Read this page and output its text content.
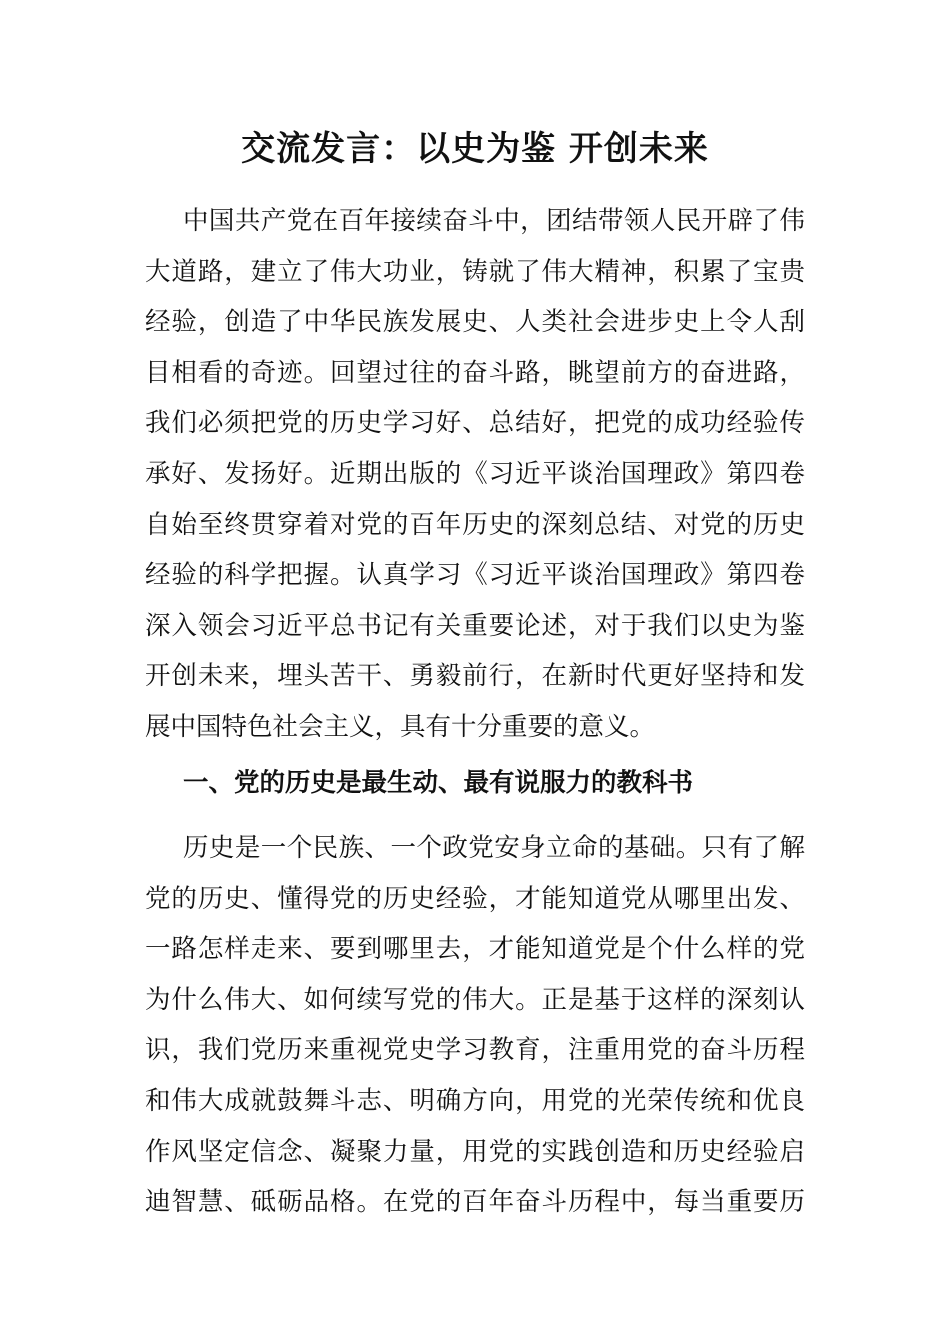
交流发言：以史为鉴 开创未来
中国共产党在百年接续奋斗中，团结带领人民开辟了伟
大道路，建立了伟大功业，铸就了伟大精神，积累了宝贵
经验，创造了中华民族发展史、人类社会进步史上令人刮
目相看的奇迹。回望过往的奋斗路，眺望前方的奋进路，
我们必须把党的历史学习好、总结好，把党的成功经验传
承好、发扬好。近期出版的《习近平谈治国理政》第四卷
自始至终贯穿着对党的百年历史的深刻总结、对党的历史
经验的科学把握。认真学习《习近平谈治国理政》第四卷
深入领会习近平总书记有关重要论述，对于我们以史为鉴
开创未来，埋头苦干、勇毅前行，在新时代更好坚持和发
展中国特色社会主义，具有十分重要的意义。
一、党的历史是最生动、最有说服力的教科书
历史是一个民族、一个政党安身立命的基础。只有了解
党的历史、懂得党的历史经验，才能知道党从哪里出发、
一路怎样走来、要到哪里去，才能知道党是个什么样的党
为什么伟大、如何续写党的伟大。正是基于这样的深刻认
识，我们党历来重视党史学习教育，注重用党的奋斗历程
和伟大成就鼓舞斗志、明确方向，用党的光荣传统和优良
作风坚定信念、凝聚力量，用党的实践创造和历史经验启
迪智慧、砥砺品格。在党的百年奋斗历程中，每当重要历
